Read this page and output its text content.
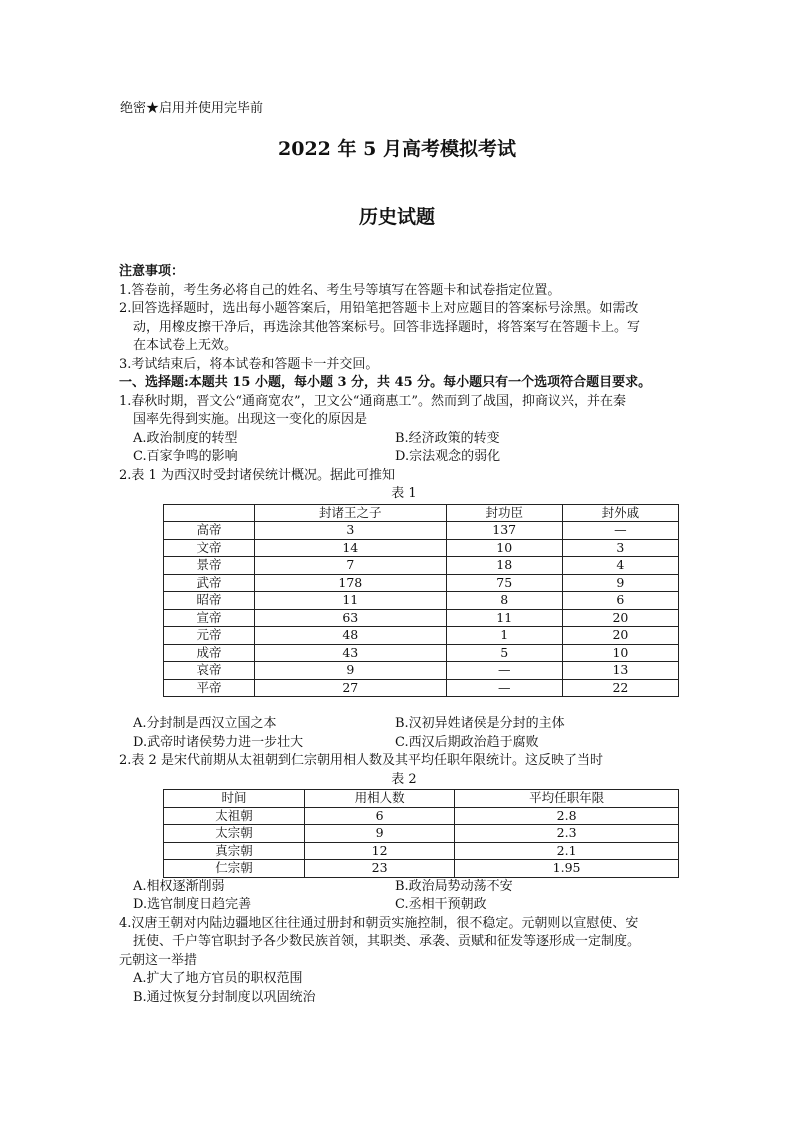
绝密★启用并使用完毕前
2022 年 5 月高考模拟考试
历史试题
注意事项：
1.答卷前，考生务必将自己的姓名、考生号等填写在答题卡和试卷指定位置。
2.回答选择题时，选出每小题答案后，用铅笔把答题卡上对应题目的答案标号涂黑。如需改
动，用橡皮擦干净后，再选涂其他答案标号。回答非选择题时，将答案写在答题卡上。写
在本试卷上无效。
3.考试结束后，将本试卷和答题卡一并交回。
一、选择题:本题共 15 小题，每小题 3 分，共 45 分。每小题只有一个选项符合题目要求。
1.春秋时期，晋文公“通商宽农”，卫文公“通商惠工”。然而到了战国，抑商议兴，并在秦
国率先得到实施。出现这一变化的原因是
A.政治制度的转型	B.经济政策的转变
C.百家争鸣的影响	D.宗法观念的弱化
2.表 1 为西汉时受封诸侯统计概况。据此可推知
表 1
	封诸王之子	封功臣	封外戚
高帝	3	137	—
文帝	14	10	3
景帝	7	18	4
武帝	178	75	9
昭帝	11	8	6
宣帝	63	11	20
元帝	48	1	20
成帝	43	5	10
哀帝	9	—	13
平帝	27	—	22
A.分封制是西汉立国之本	B.汉初异姓诸侯是分封的主体
D.武帝时诸侯势力进一步壮大	C.西汉后期政治趋于腐败
2.表 2 是宋代前期从太祖朝到仁宗朝用相人数及其平均任职年限统计。这反映了当时
表 2
时间	用相人数	平均任职年限
太祖朝	6	2.8
太宗朝	9	2.3
真宗朝	12	2.1
仁宗朝	23	1.95
A.相权逐渐削弱	B.政治局势动荡不安
D.选官制度日趋完善	C.丞相干预朝政
4.汉唐王朝对内陆边疆地区往往通过册封和朝贡实施控制，很不稳定。元朝则以宣慰使、安
抚使、千户等官职封予各少数民族首领，其职类、承袭、贡赋和征发等逐形成一定制度。
元朝这一举措
A.扩大了地方官员的职权范围
B.通过恢复分封制度以巩固统治
